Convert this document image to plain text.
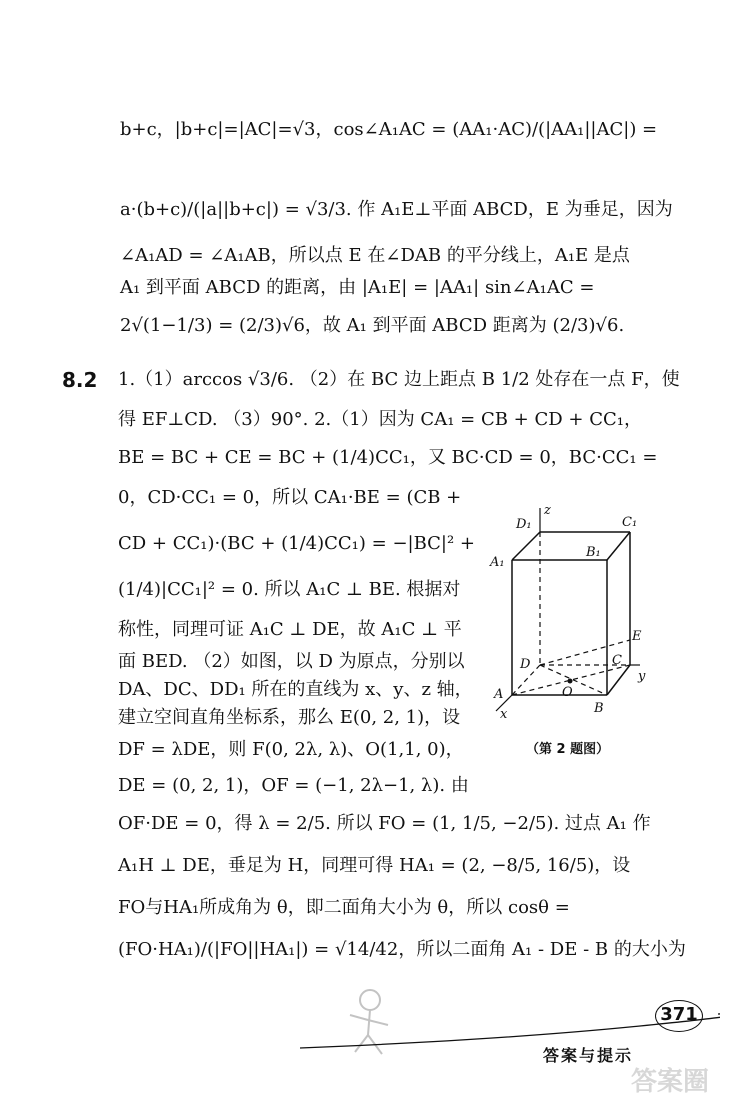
b+c，|b+c|=|AC|=√3，cos∠A₁AC = (AA₁·AC)/(|AA₁||AC|) =
a·(b+c)/(|a||b+c|) = √3/3. 作 A₁E⊥平面 ABCD，E 为垂足，因为
∠A₁AD = ∠A₁AB，所以点 E 在∠DAB 的平分线上，A₁E 是点
A₁ 到平面 ABCD 的距离，由 |A₁E| = |AA₁| sin∠A₁AC =
2√(1−1/3) = (2/3)√6，故 A₁ 到平面 ABCD 距离为 (2/3)√6.
8.2 1.（1）arccos √3/6. （2）在 BC 边上距点 B 1/2 处存在一点 F，使
得 EF⊥CD. （3）90°. 2.（1）因为 CA₁ = CB + CD + CC₁，
BE = BC + CE = BC + (1/4)CC₁，又 BC·CD = 0，BC·CC₁ =
0，CD·CC₁ = 0，所以 CA₁·BE = (CB +
CD + CC₁)·(BC + (1/4)CC₁) = −|BC|² +
(1/4)|CC₁|² = 0. 所以 A₁C ⊥ BE. 根据对
称性，同理可证 A₁C ⊥ DE，故 A₁C ⊥ 平
面 BED. （2）如图，以 D 为原点，分别以
DA、DC、DD₁ 所在的直线为 x、y、z 轴，
建立空间直角坐标系，那么 E(0, 2, 1)，设
DF = λDE，则 F(0, 2λ, λ)、O(1,1, 0)，
DE = (0, 2, 1)，OF = (−1, 2λ−1, λ). 由
OF·DE = 0，得 λ = 2/5. 所以 FO = (1, 1/5, −2/5). 过点 A₁ 作
A₁H ⊥ DE，垂足为 H，同理可得 HA₁ = (2, −8/5, 16/5)，设
FO与HA₁所成角为 θ，即二面角大小为 θ，所以 cosθ =
(FO·HA₁)/(|FO||HA₁|) = √14/42，所以二面角 A₁ - DE - B 的大小为
D₁
z
C₁
B₁
A₁
E
D	C
y
O
A
B
x
（第 2 题图）
371
答案与提示
答案圈
